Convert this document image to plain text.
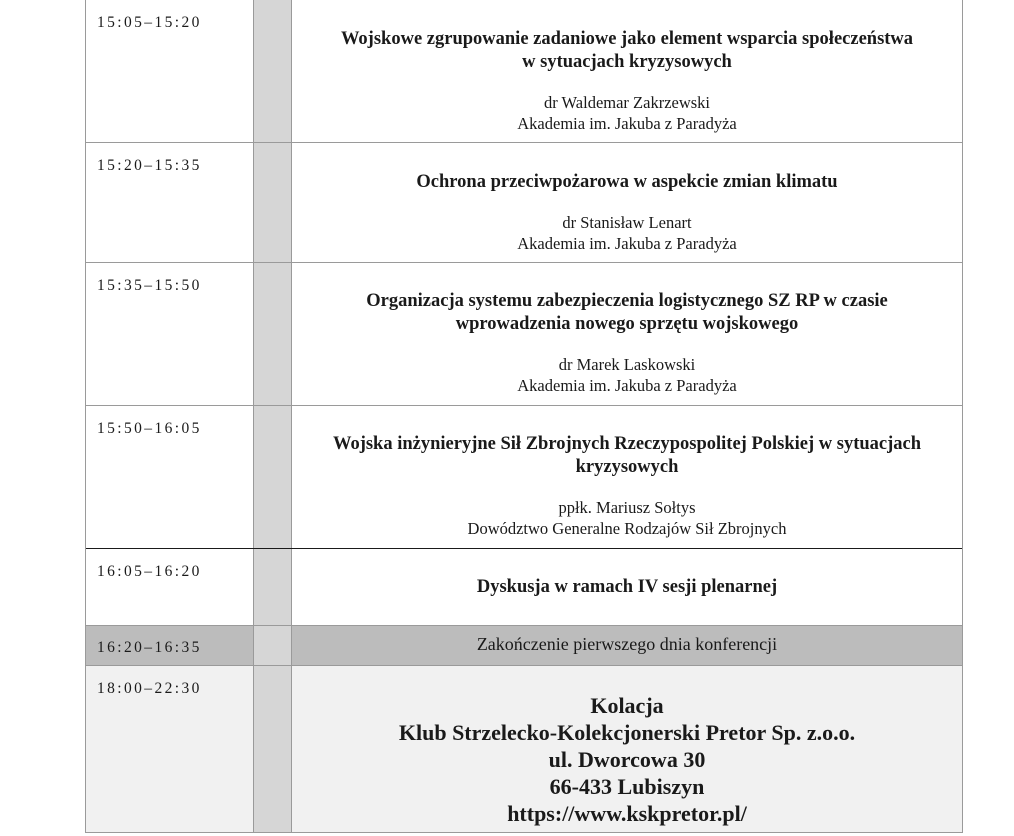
15:05–15:20
Wojskowe zgrupowanie zadaniowe jako element wsparcia społeczeństwa
w sytuacjach kryzysowych
dr Waldemar Zakrzewski
Akademia im. Jakuba z Paradyża
15:20–15:35
Ochrona przeciwpożarowa w aspekcie zmian klimatu
dr Stanisław Lenart
Akademia im. Jakuba z Paradyża
15:35–15:50
Organizacja systemu zabezpieczenia logistycznego SZ RP w czasie
wprowadzenia nowego sprzętu wojskowego
dr Marek Laskowski
Akademia im. Jakuba z Paradyża
15:50–16:05
Wojska inżynieryjne Sił Zbrojnych Rzeczypospolitej Polskiej w sytuacjach
kryzysowych
ppłk. Mariusz Sołtys
Dowództwo Generalne Rodzajów Sił Zbrojnych
16:05–16:20
Dyskusja w ramach IV sesji plenarnej
16:20–16:35	Zakończenie pierwszego dnia konferencji
18:00–22:30
Kolacja
Klub Strzelecko-Kolekcjonerski Pretor Sp. z.o.o.
ul. Dworcowa 30
66-433 Lubiszyn
https://www.kskpretor.pl/
